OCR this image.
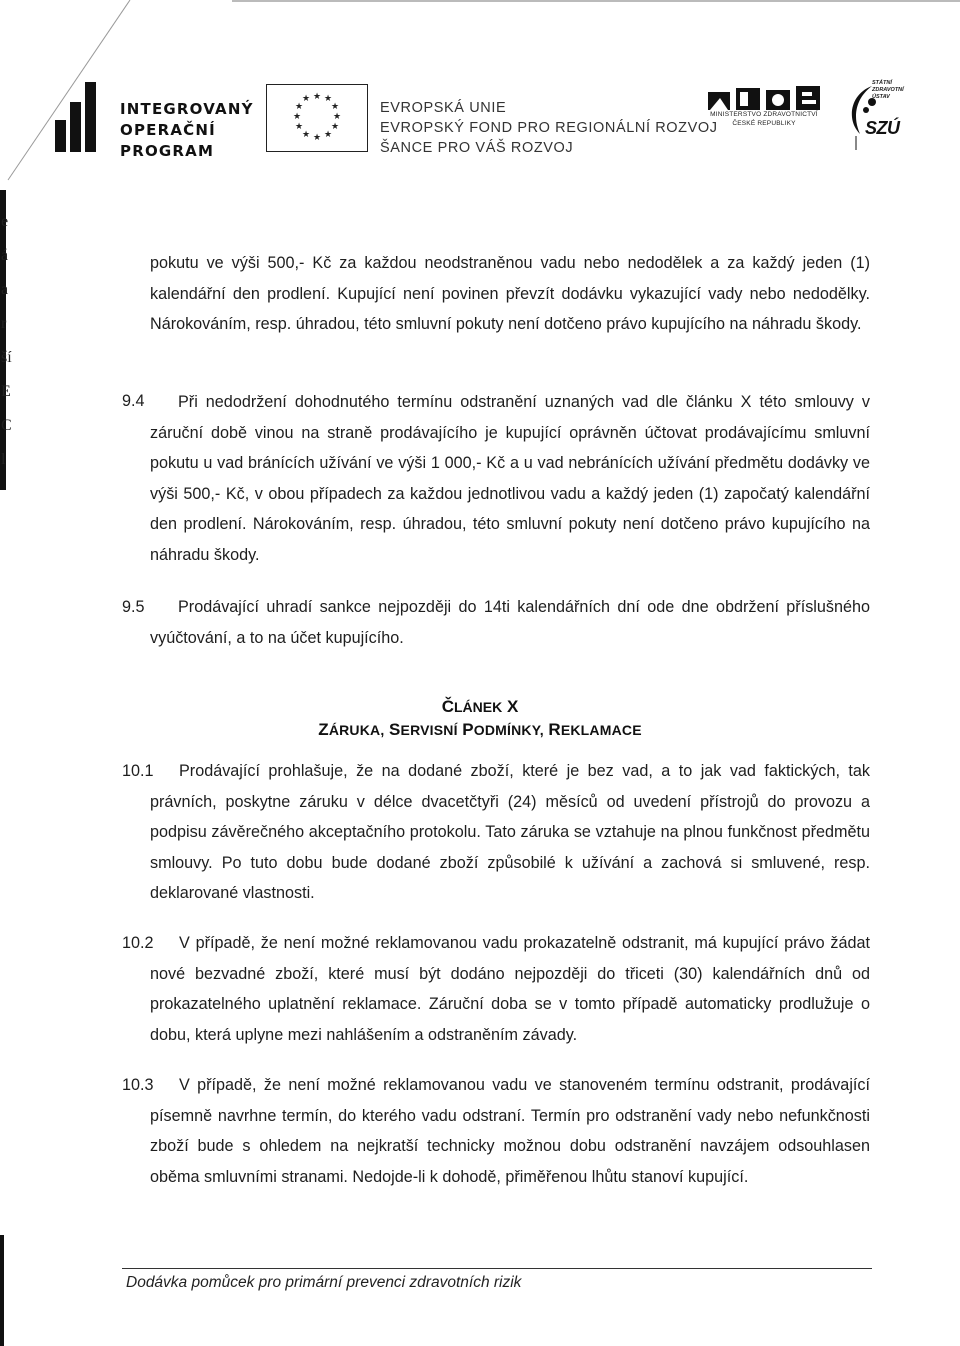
e
á
a
r
ší
E
C
l
INTEGROVANÝ
OPERAČNÍ
PROGRAM
★ ★
★
★
★
★
★
★
★
★
★ ★
EVROPSKÁ UNIE
EVROPSKÝ FOND PRO REGIONÁLNÍ ROZVOJ
ŠANCE PRO VÁŠ ROZVOJ
MINISTERSTVO ZDRAVOTNICTVÍ
ČESKÉ REPUBLIKY
STÁTNÍ
ZDRAVOTNÍ
ÚSTAV
SZÚ
pokutu ve výši 500,- Kč za každou neodstraněnou vadu nebo nedodělek a za každý jeden (1) kalendářní den prodlení. Kupující není povinen převzít dodávku vykazující vady nebo nedodělky. Nárokováním, resp. úhradou, této smluvní pokuty není dotčeno právo kupujícího na náhradu škody.
9.4	Při nedodržení dohodnutého termínu odstranění uznaných vad dle článku X této smlouvy v záruční době vinou na straně prodávajícího je kupující oprávněn účtovat prodávajícímu smluvní pokutu u vad bránících užívání ve výši 1 000,- Kč a u vad nebránících užívání předmětu dodávky ve výši 500,- Kč, v obou případech za každou jednotlivou vadu a každý jeden (1) započatý kalendářní den prodlení. Nárokováním, resp. úhradou, této smluvní pokuty není dotčeno právo kupujícího na náhradu škody.
9.5	Prodávající uhradí sankce nejpozději do 14ti kalendářních dní ode dne obdržení příslušného vyúčtování, a to na účet kupujícího.
ČLÁNEK X
ZÁRUKA, SERVISNÍ PODMÍNKY, REKLAMACE
10.1	Prodávající prohlašuje, že na dodané zboží, které je bez vad, a to jak vad faktických, tak právních, poskytne záruku v délce dvacetčtyři (24) měsíců od uvedení přístrojů do provozu a podpisu závěrečného akceptačního protokolu. Tato záruka se vztahuje na plnou funkčnost předmětu smlouvy. Po tuto dobu bude dodané zboží způsobilé k užívání a zachová si smluvené, resp. deklarované vlastnosti.
10.2	V případě, že není možné reklamovanou vadu prokazatelně odstranit, má kupující právo žádat nové bezvadné zboží, které musí být dodáno nejpozději do třiceti (30) kalendářních dnů od prokazatelného uplatnění reklamace. Záruční doba se v tomto případě automaticky prodlužuje o dobu, která uplyne mezi nahlášením a odstraněním závady.
10.3	V případě, že není možné reklamovanou vadu ve stanoveném termínu odstranit, prodávající písemně navrhne termín, do kterého vadu odstraní. Termín pro odstranění vady nebo nefunkčnosti zboží bude s ohledem na nejkratší technicky možnou dobu odstranění navzájem odsouhlasen oběma smluvními stranami. Nedojde-li k dohodě, přiměřenou lhůtu stanoví kupující.
Dodávka pomůcek pro primární prevenci zdravotních rizik
